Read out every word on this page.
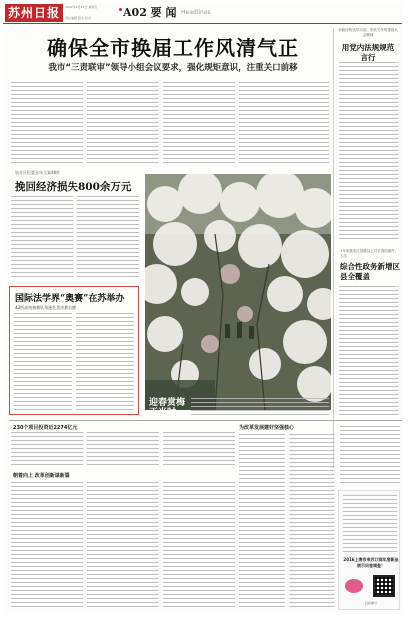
苏州日报	2022年2月27日 星期日
责任编辑 版式 校对	A02 要 闻 Headlines
确保全市换届工作风清气正
我市“三责联审”领导小组会议要求，强化规矩意识，注重关口前移
市政协传达学习省、市机关作风建设大会精神
用党内法规规范言行
姑苏区纪委去年立案48件
挽回经济损失800余万元
国际法学界“奥赛”在苏举办
43所高校参赛队角逐赴美决赛名额
迎春赏梅
正当时
1年来我市区县级以上共计查结案件，人次
综合性政务新增区县全覆盖
230个项目投资近2274亿元
朝着向上 改革创新谋新篇
为改革发展建好坚强核心
2016上海市来苏订阅年度新品展示问卷调查！
扫码参与
